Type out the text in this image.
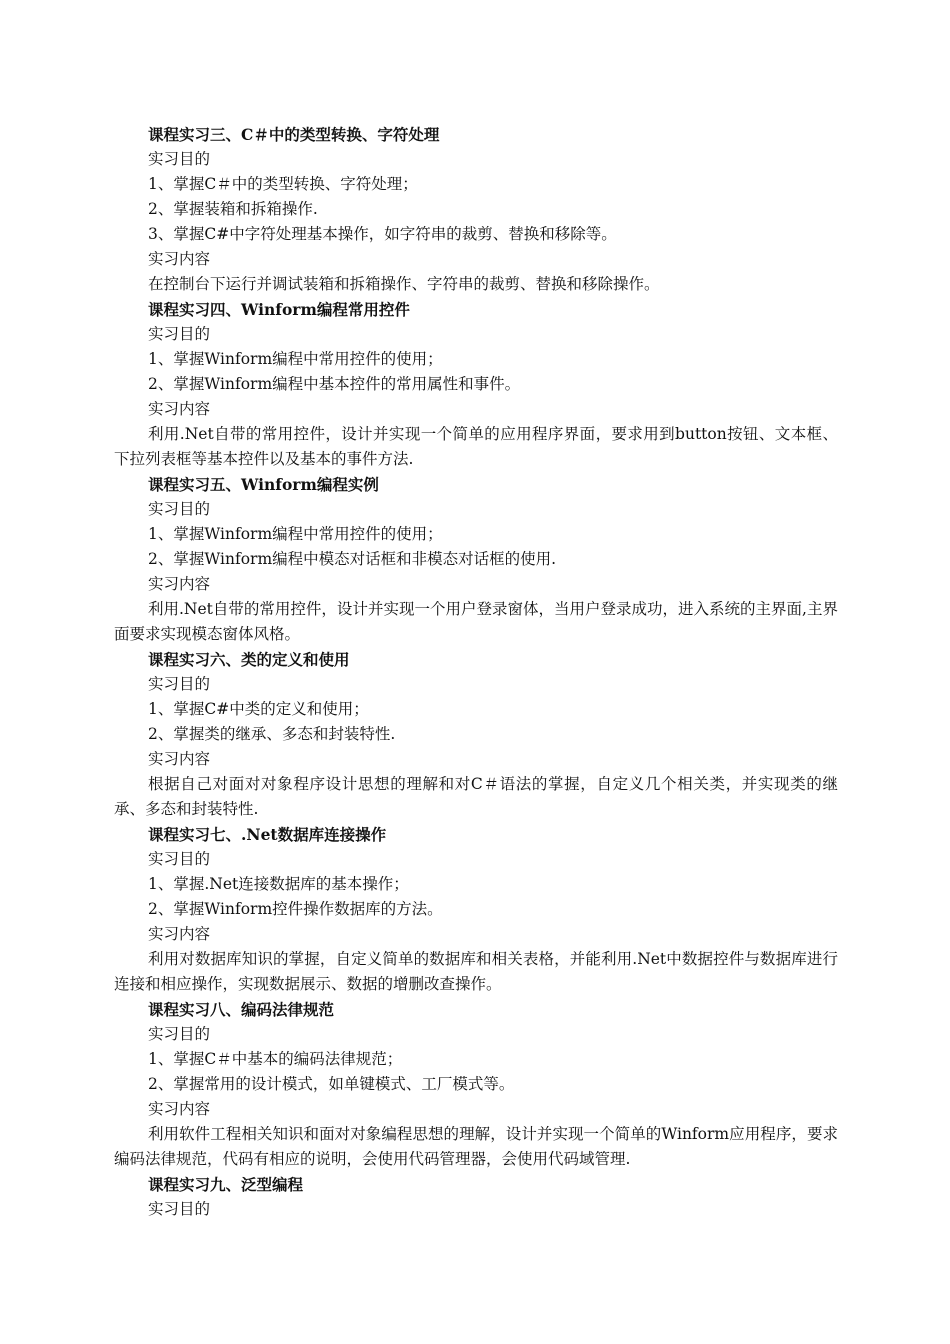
课程实习三、C＃中的类型转换、字符处理

实习目的

1、掌握C＃中的类型转换、字符处理；

2、掌握装箱和拆箱操作.

3、掌握C#中字符处理基本操作，如字符串的裁剪、替换和移除等。

实习内容

在控制台下运行并调试装箱和拆箱操作、字符串的裁剪、替换和移除操作。

课程实习四、Winform编程常用控件

实习目的

1、掌握Winform编程中常用控件的使用；

2、掌握Winform编程中基本控件的常用属性和事件。

实习内容

利用.Net自带的常用控件，设计并实现一个简单的应用程序界面，要求用到button按钮、文本框、下拉列表框等基本控件以及基本的事件方法.

课程实习五、Winform编程实例

实习目的

1、掌握Winform编程中常用控件的使用；

2、掌握Winform编程中模态对话框和非模态对话框的使用.

实习内容

利用.Net自带的常用控件，设计并实现一个用户登录窗体，当用户登录成功，进入系统的主界面,主界面要求实现模态窗体风格。

课程实习六、类的定义和使用

实习目的

1、掌握C#中类的定义和使用；

2、掌握类的继承、多态和封装特性.

实习内容

根据自己对面对对象程序设计思想的理解和对C＃语法的掌握，自定义几个相关类，并实现类的继承、多态和封装特性.

课程实习七、.Net数据库连接操作

实习目的

1、掌握.Net连接数据库的基本操作；

2、掌握Winform控件操作数据库的方法。

实习内容

利用对数据库知识的掌握，自定义简单的数据库和相关表格，并能利用.Net中数据控件与数据库进行连接和相应操作，实现数据展示、数据的增删改查操作。

课程实习八、编码法律规范

实习目的

1、掌握C＃中基本的编码法律规范；

2、掌握常用的设计模式，如单键模式、工厂模式等。

实习内容

利用软件工程相关知识和面对对象编程思想的理解，设计并实现一个简单的Winform应用程序，要求编码法律规范，代码有相应的说明，会使用代码管理器，会使用代码域管理.

课程实习九、泛型编程

实习目的
